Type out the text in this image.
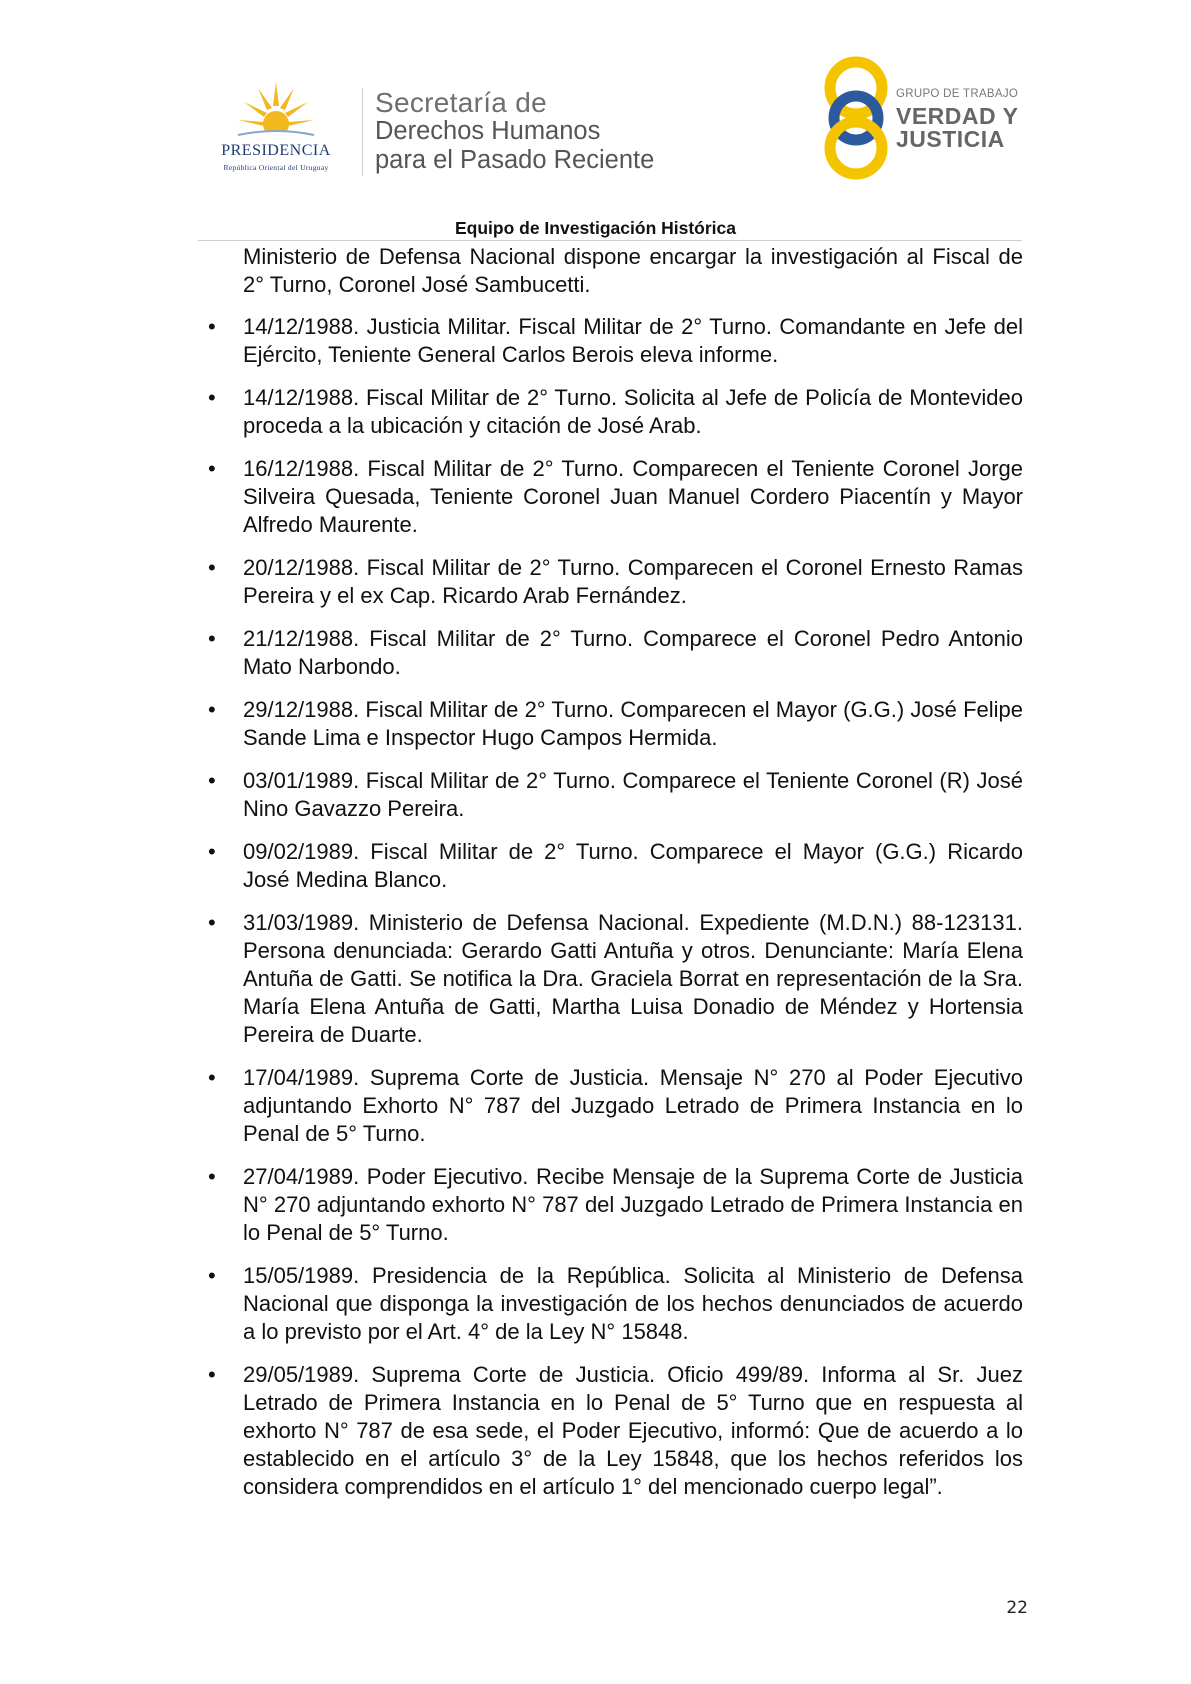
PRESIDENCIA
República Oriental del Uruguay
Secretaría de
Derechos Humanos
para el Pasado Reciente
GRUPO DE TRABAJO
VERDAD Y
JUSTICIA
Equipo de Investigación Histórica

Ministerio de Defensa Nacional dispone encargar la investigación al Fiscal de 2° Turno, Coronel José Sambucetti.

• 14/12/1988. Justicia Militar. Fiscal Militar de 2° Turno. Comandante en Jefe del Ejército, Teniente General Carlos Berois eleva informe.
• 14/12/1988. Fiscal Militar de 2° Turno. Solicita al Jefe de Policía de Montevideo proceda a la ubicación y citación de José Arab.
• 16/12/1988. Fiscal Militar de 2° Turno. Comparecen el Teniente Coronel Jorge Silveira Quesada, Teniente Coronel Juan Manuel Cordero Piacentín y Mayor Alfredo Maurente.
• 20/12/1988. Fiscal Militar de 2° Turno. Comparecen el Coronel Ernesto Ramas Pereira y el ex Cap. Ricardo Arab Fernández.
• 21/12/1988. Fiscal Militar de 2° Turno. Comparece el Coronel Pedro Antonio Mato Narbondo.
• 29/12/1988. Fiscal Militar de 2° Turno. Comparecen el Mayor (G.G.) José Felipe Sande Lima e Inspector Hugo Campos Hermida.
• 03/01/1989. Fiscal Militar de 2° Turno. Comparece el Teniente Coronel (R) José Nino Gavazzo Pereira.
• 09/02/1989. Fiscal Militar de 2° Turno. Comparece el Mayor (G.G.) Ricardo José Medina Blanco.
• 31/03/1989. Ministerio de Defensa Nacional. Expediente (M.D.N.) 88-123131. Persona denunciada: Gerardo Gatti Antuña y otros. Denunciante: María Elena Antuña de Gatti. Se notifica la Dra. Graciela Borrat en representación de la Sra. María Elena Antuña de Gatti, Martha Luisa Donadio de Méndez y Hortensia Pereira de Duarte.
• 17/04/1989. Suprema Corte de Justicia. Mensaje N° 270 al Poder Ejecutivo adjuntando Exhorto N° 787 del Juzgado Letrado de Primera Instancia en lo Penal de 5° Turno.
• 27/04/1989. Poder Ejecutivo. Recibe Mensaje de la Suprema Corte de Justicia N° 270 adjuntando exhorto N° 787 del Juzgado Letrado de Primera Instancia en lo Penal de 5° Turno.
• 15/05/1989. Presidencia de la República. Solicita al Ministerio de Defensa Nacional que disponga la investigación de los hechos denunciados de acuerdo a lo previsto por el Art. 4° de la Ley N° 15848.
• 29/05/1989. Suprema Corte de Justicia. Oficio 499/89. Informa al Sr. Juez Letrado de Primera Instancia en lo Penal de 5° Turno que en respuesta al exhorto N° 787 de esa sede, el Poder Ejecutivo, informó: Que de acuerdo a lo establecido en el artículo 3° de la Ley 15848, que los hechos referidos los considera comprendidos en el artículo 1° del mencionado cuerpo legal”.
22
